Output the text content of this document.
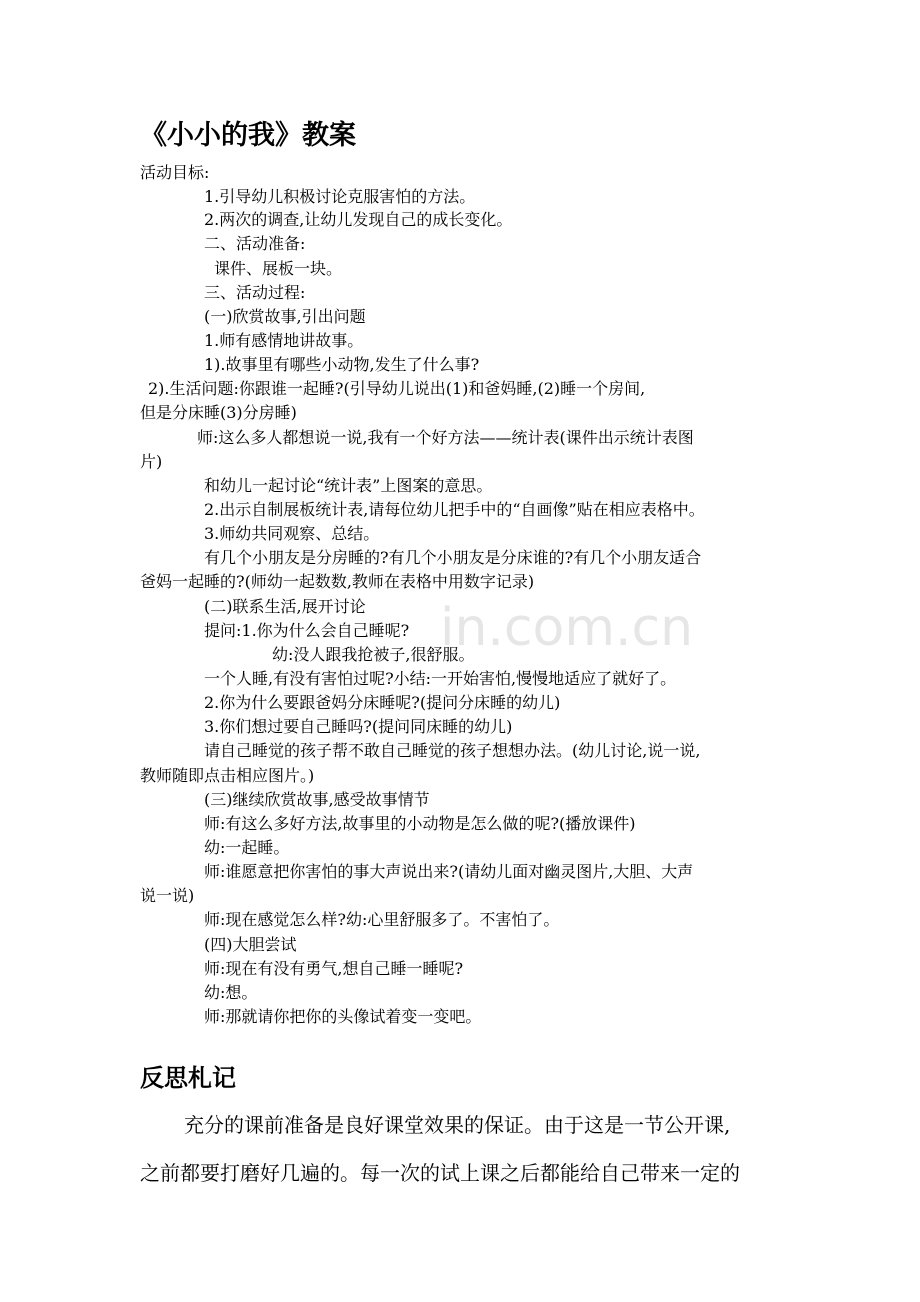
in.com.cn
《小小的我》教案
活动目标:
1.引导幼儿积极讨论克服害怕的方法。
2.两次的调查,让幼儿发现自己的成长变化。
二、活动准备:
课件、展板一块。
三、活动过程:
(一)欣赏故事,引出问题
1.师有感情地讲故事。
1).故事里有哪些小动物,发生了什么事?
2).生活问题:你跟谁一起睡?(引导幼儿说出(1)和爸妈睡,(2)睡一个房间,
但是分床睡(3)分房睡)
师:这么多人都想说一说,我有一个好方法——统计表(课件出示统计表图
片)
和幼儿一起讨论“统计表”上图案的意思。
2.出示自制展板统计表,请每位幼儿把手中的“自画像”贴在相应表格中。
3.师幼共同观察、总结。
有几个小朋友是分房睡的?有几个小朋友是分床谁的?有几个小朋友适合
爸妈一起睡的?(师幼一起数数,教师在表格中用数字记录)
(二)联系生活,展开讨论
提问:1.你为什么会自己睡呢?
幼:没人跟我抢被子,很舒服。
一个人睡,有没有害怕过呢?小结:一开始害怕,慢慢地适应了就好了。
2.你为什么要跟爸妈分床睡呢?(提问分床睡的幼儿)
3.你们想过要自己睡吗?(提问同床睡的幼儿)
请自己睡觉的孩子帮不敢自己睡觉的孩子想想办法。(幼儿讨论,说一说,
教师随即点击相应图片。)
(三)继续欣赏故事,感受故事情节
师:有这么多好方法,故事里的小动物是怎么做的呢?(播放课件)
幼:一起睡。
师:谁愿意把你害怕的事大声说出来?(请幼儿面对幽灵图片,大胆、大声
说一说)
师:现在感觉怎么样?幼:心里舒服多了。不害怕了。
(四)大胆尝试
师:现在有没有勇气,想自己睡一睡呢?
幼:想。
师:那就请你把你的头像试着变一变吧。
反思札记
充分的课前准备是良好课堂效果的保证。由于这是一节公开课,
之前都要打磨好几遍的。每一次的试上课之后都能给自己带来一定的
